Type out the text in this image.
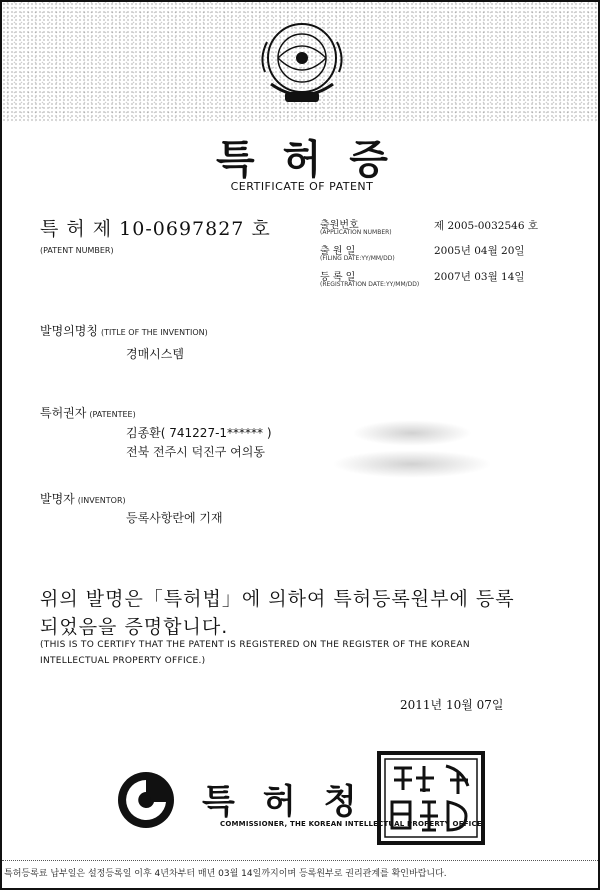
특허증
CERTIFICATE OF PATENT
특 허 제 10-0697827 호
(PATENT NUMBER)
출원번호
(APPLICATION NUMBER)
제 2005-0032546 호
출 원 일
(FILING DATE:YY/MM/DD)
2005년 04월 20일
등 록 일
(REGISTRATION DATE:YY/MM/DD)
2007년 03월 14일
발명의명칭 (TITLE OF THE INVENTION)
경매시스템
특허권자 (PATENTEE)
김종환( 741227-1****** )
전북 전주시 덕진구 여의동
발명자 (INVENTOR)
등록사항란에 기재
위의 발명은「특허법」에 의하여 특허등록원부에 등록
되었음을 증명합니다.
(THIS IS TO CERTIFY THAT THE PATENT IS REGISTERED ON THE REGISTER OF THE KOREAN
INTELLECTUAL PROPERTY OFFICE.)
2011년 10월 07일
특허청
COMMISSIONER, THE KOREAN INTELLECTUAL PROPERTY OFFICE
특허등록료 납부일은 설정등록일 이후 4년차부터 매년 03월 14일까지이며 등록원부로 권리관계를 확인바랍니다.
